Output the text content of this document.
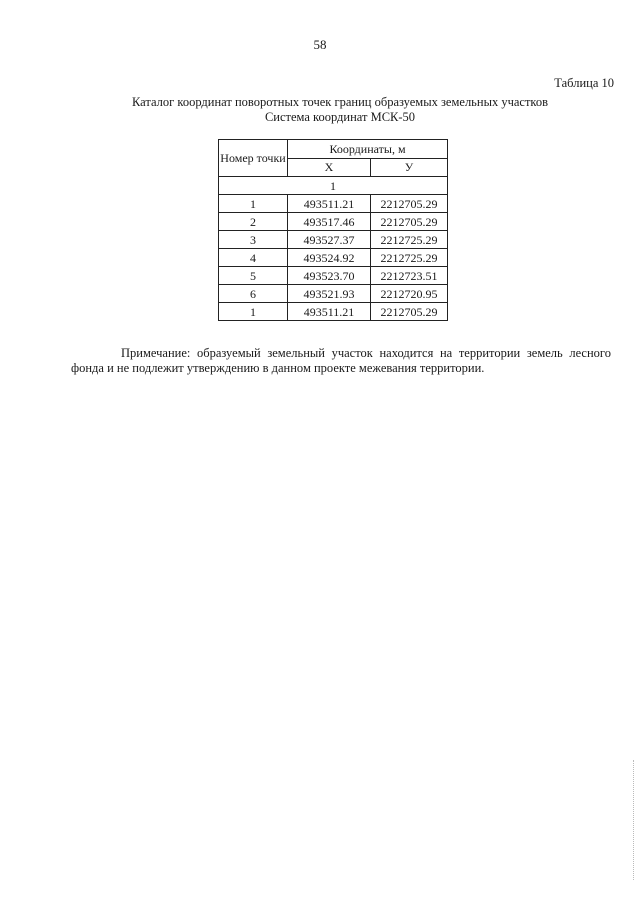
58
Таблица 10
Каталог координат поворотных точек границ образуемых земельных участков
Система координат МСК-50
Номер точки	Координаты, м	
	X	У
1		
1	493511.21	2212705.29
2	493517.46	2212705.29
3	493527.37	2212725.29
4	493524.92	2212725.29
5	493523.70	2212723.51
6	493521.93	2212720.95
1	493511.21	2212705.29
Примечание: образуемый земельный участок находится на территории земель лесного фонда и не подлежит утверждению в данном проекте межевания территории.
